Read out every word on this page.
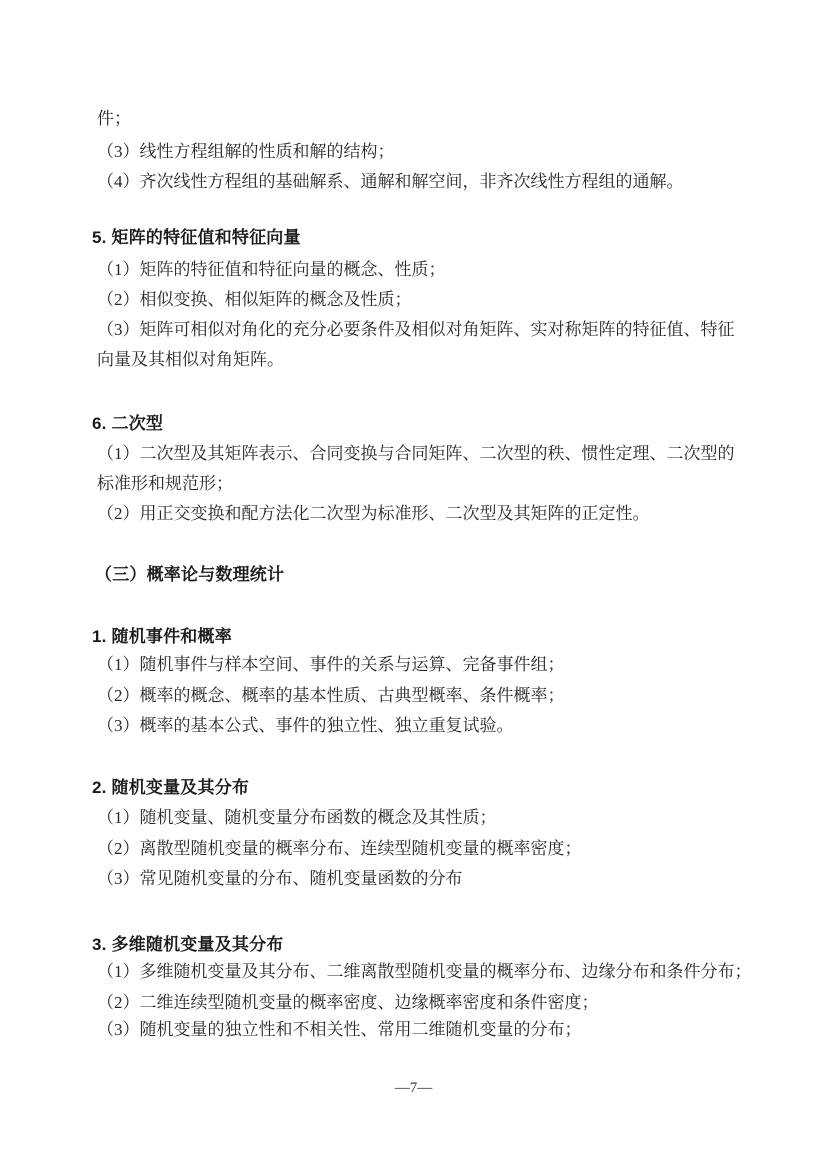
件；
（3）线性方程组解的性质和解的结构；
（4）齐次线性方程组的基础解系、通解和解空间，非齐次线性方程组的通解。
5. 矩阵的特征值和特征向量
（1）矩阵的特征值和特征向量的概念、性质；
（2）相似变换、相似矩阵的概念及性质；
（3）矩阵可相似对角化的充分必要条件及相似对角矩阵、实对称矩阵的特征值、特征
向量及其相似对角矩阵。
6. 二次型
（1）二次型及其矩阵表示、合同变换与合同矩阵、二次型的秩、惯性定理、二次型的
标准形和规范形；
（2）用正交变换和配方法化二次型为标准形、二次型及其矩阵的正定性。
（三）概率论与数理统计
1. 随机事件和概率
（1）随机事件与样本空间、事件的关系与运算、完备事件组；
（2）概率的概念、概率的基本性质、古典型概率、条件概率；
（3）概率的基本公式、事件的独立性、独立重复试验。
2. 随机变量及其分布
（1）随机变量、随机变量分布函数的概念及其性质；
（2）离散型随机变量的概率分布、连续型随机变量的概率密度；
（3）常见随机变量的分布、随机变量函数的分布
3. 多维随机变量及其分布
（1）多维随机变量及其分布、二维离散型随机变量的概率分布、边缘分布和条件分布；
（2）二维连续型随机变量的概率密度、边缘概率密度和条件密度；
（3）随机变量的独立性和不相关性、常用二维随机变量的分布；
—7—
